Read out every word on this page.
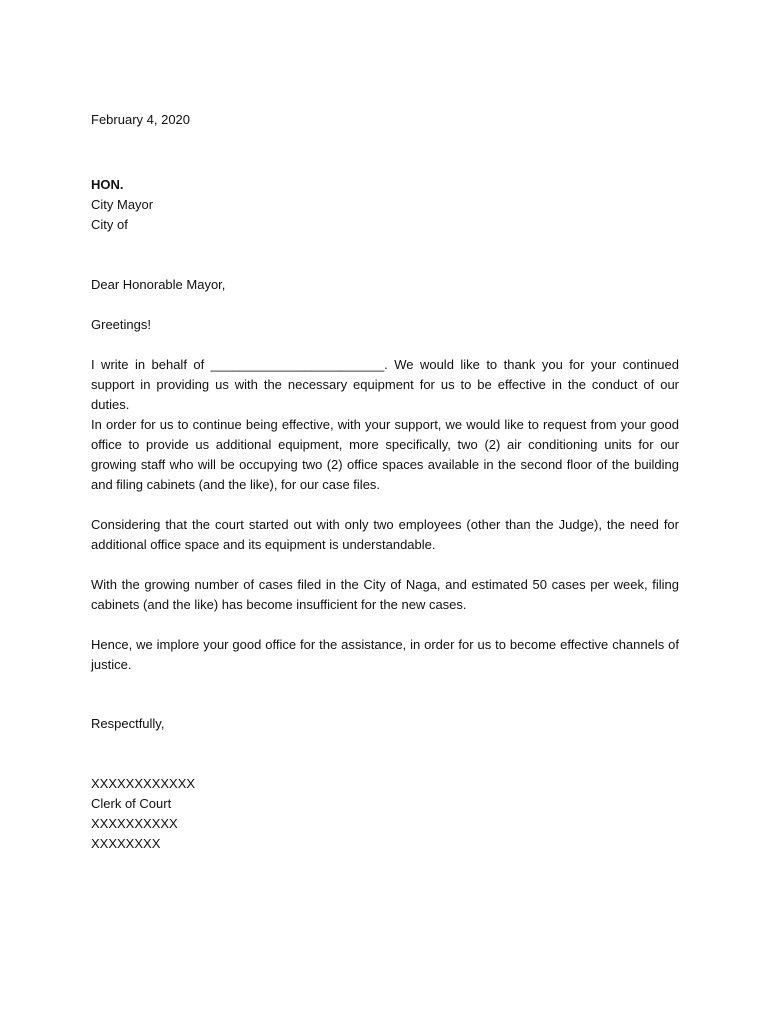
February 4, 2020

HON.
City Mayor
City of

Dear Honorable Mayor,

Greetings!

I write in behalf of ________________________. We would like to thank you for your continued support in providing us with the necessary equipment for us to be effective in the conduct of our duties.

In order for us to continue being effective, with your support, we would like to request from your good office to provide us additional equipment, more specifically, two (2) air conditioning units for our growing staff who will be occupying two (2) office spaces available in the second floor of the building and filing cabinets (and the like), for our case files.

Considering that the court started out with only two employees (other than the Judge), the need for additional office space and its equipment is understandable.

With the growing number of cases filed in the City of Naga, and estimated 50 cases per week, filing cabinets (and the like) has become insufficient for the new cases.

Hence, we implore your good office for the assistance, in order for us to become effective channels of justice.

Respectfully,

XXXXXXXXXXXX
Clerk of Court
XXXXXXXXXX
XXXXXXXX
